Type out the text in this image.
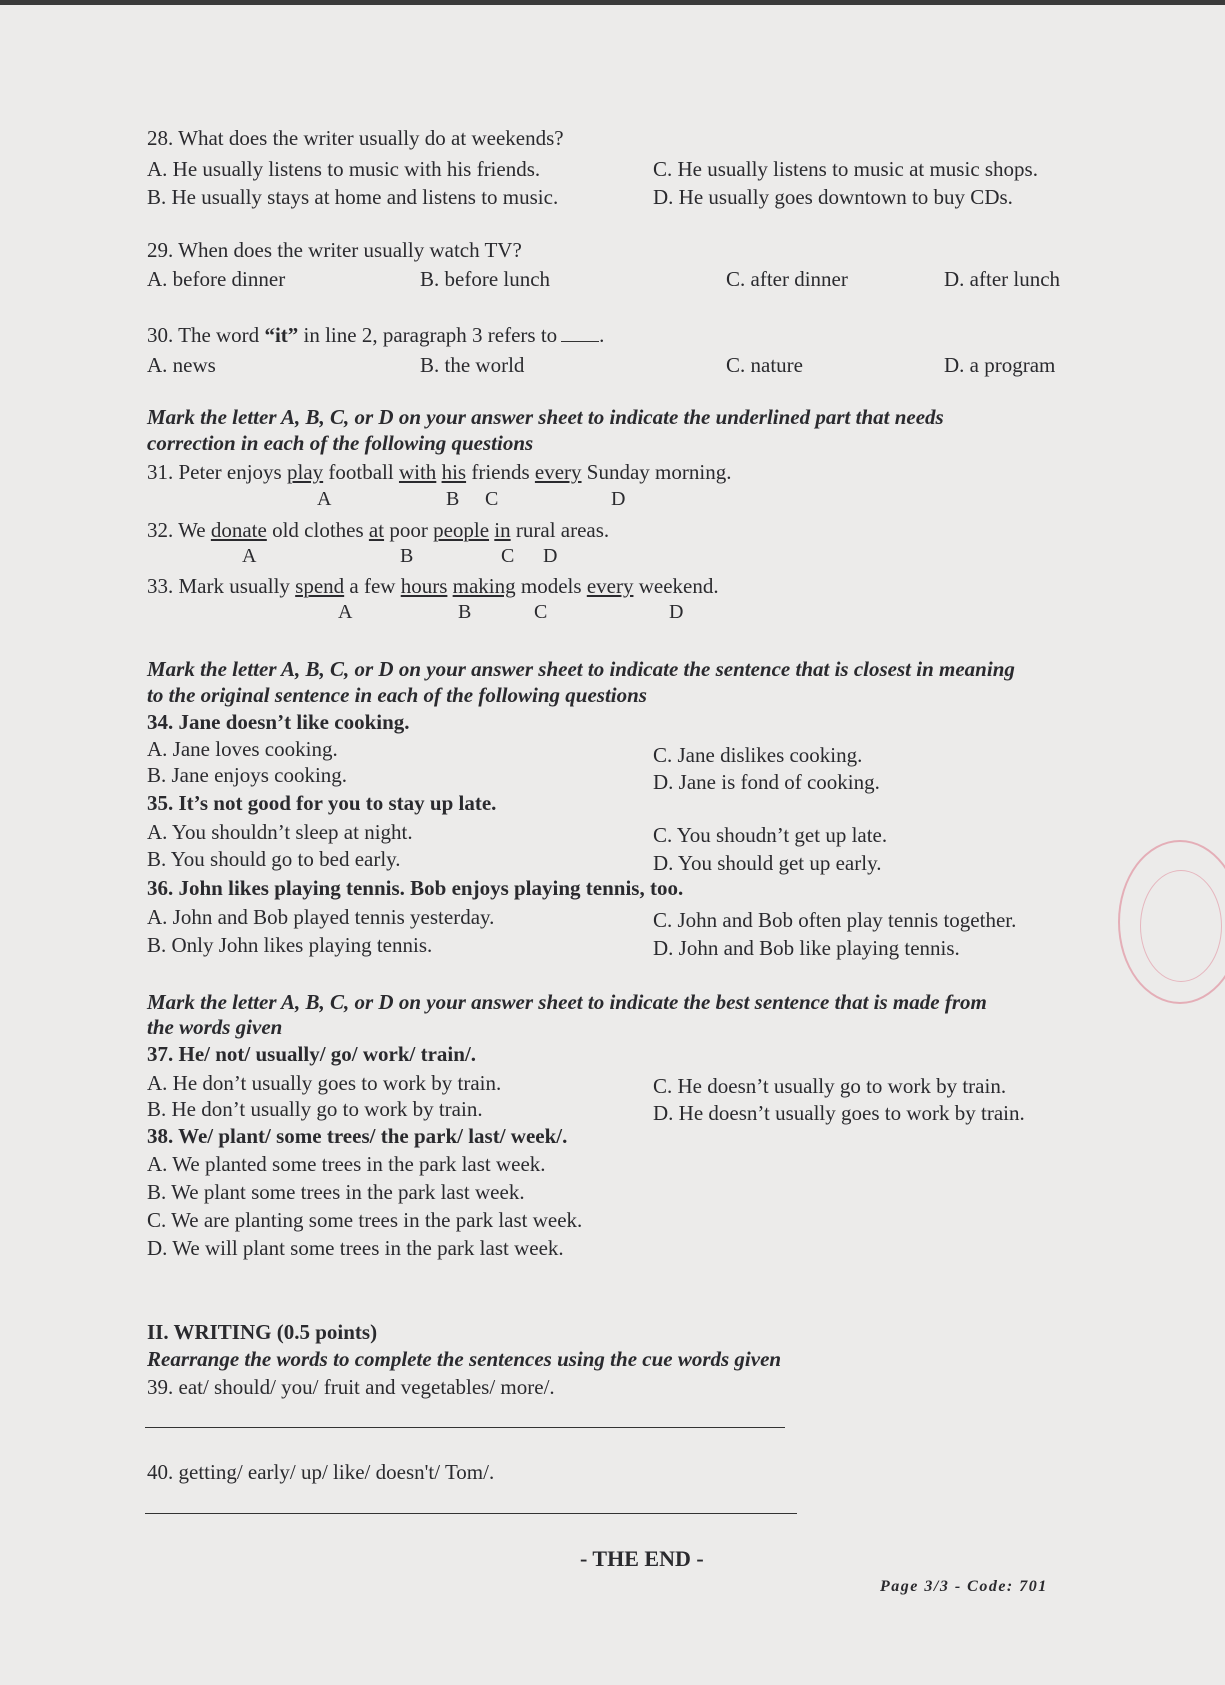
28. What does the writer usually do at weekends?
A. He usually listens to music with his friends.
B. He usually stays at home and listens to music.
C. He usually listens to music at music shops.
D. He usually goes downtown to buy CDs.
29. When does the writer usually watch TV?
A. before dinner	B. before lunch	C. after dinner	D. after lunch
30. The word “it” in line 2, paragraph 3 refers to .
A. news	B. the world	C. nature	D. a program
Mark the letter A, B, C, or D on your answer sheet to indicate the underlined part that needs
correction in each of the following questions
31. Peter enjoys play football with his friends every Sunday morning.
A	B C	D
32. We donate old clothes at poor people in rural areas.
A	B	C D
33. Mark usually spend a few hours making models every weekend.
A	B	C	D
Mark the letter A, B, C, or D on your answer sheet to indicate the sentence that is closest in meaning
to the original sentence in each of the following questions
34. Jane doesn’t like cooking.
A. Jane loves cooking.
B. Jane enjoys cooking.
C. Jane dislikes cooking.
D. Jane is fond of cooking.
35. It’s not good for you to stay up late.
A. You shouldn’t sleep at night.
B. You should go to bed early.
C. You shoudn’t get up late.
D. You should get up early.
36. John likes playing tennis. Bob enjoys playing tennis, too.
A. John and Bob played tennis yesterday.
B. Only John likes playing tennis.
C. John and Bob often play tennis together.
D. John and Bob like playing tennis.
Mark the letter A, B, C, or D on your answer sheet to indicate the best sentence that is made from
the words given
37. He/ not/ usually/ go/ work/ train/.
A. He don’t usually goes to work by train.
B. He don’t usually go to work by train.
C. He doesn’t usually go to work by train.
D. He doesn’t usually goes to work by train.
38. We/ plant/ some trees/ the park/ last/ week/.
A. We planted some trees in the park last week.
B. We plant some trees in the park last week.
C. We are planting some trees in the park last week.
D. We will plant some trees in the park last week.
II. WRITING (0.5 points)
Rearrange the words to complete the sentences using the cue words given
39. eat/ should/ you/ fruit and vegetables/ more/.
40. getting/ early/ up/ like/ doesn't/ Tom/.
- THE END -
Page 3/3 - Code: 701
